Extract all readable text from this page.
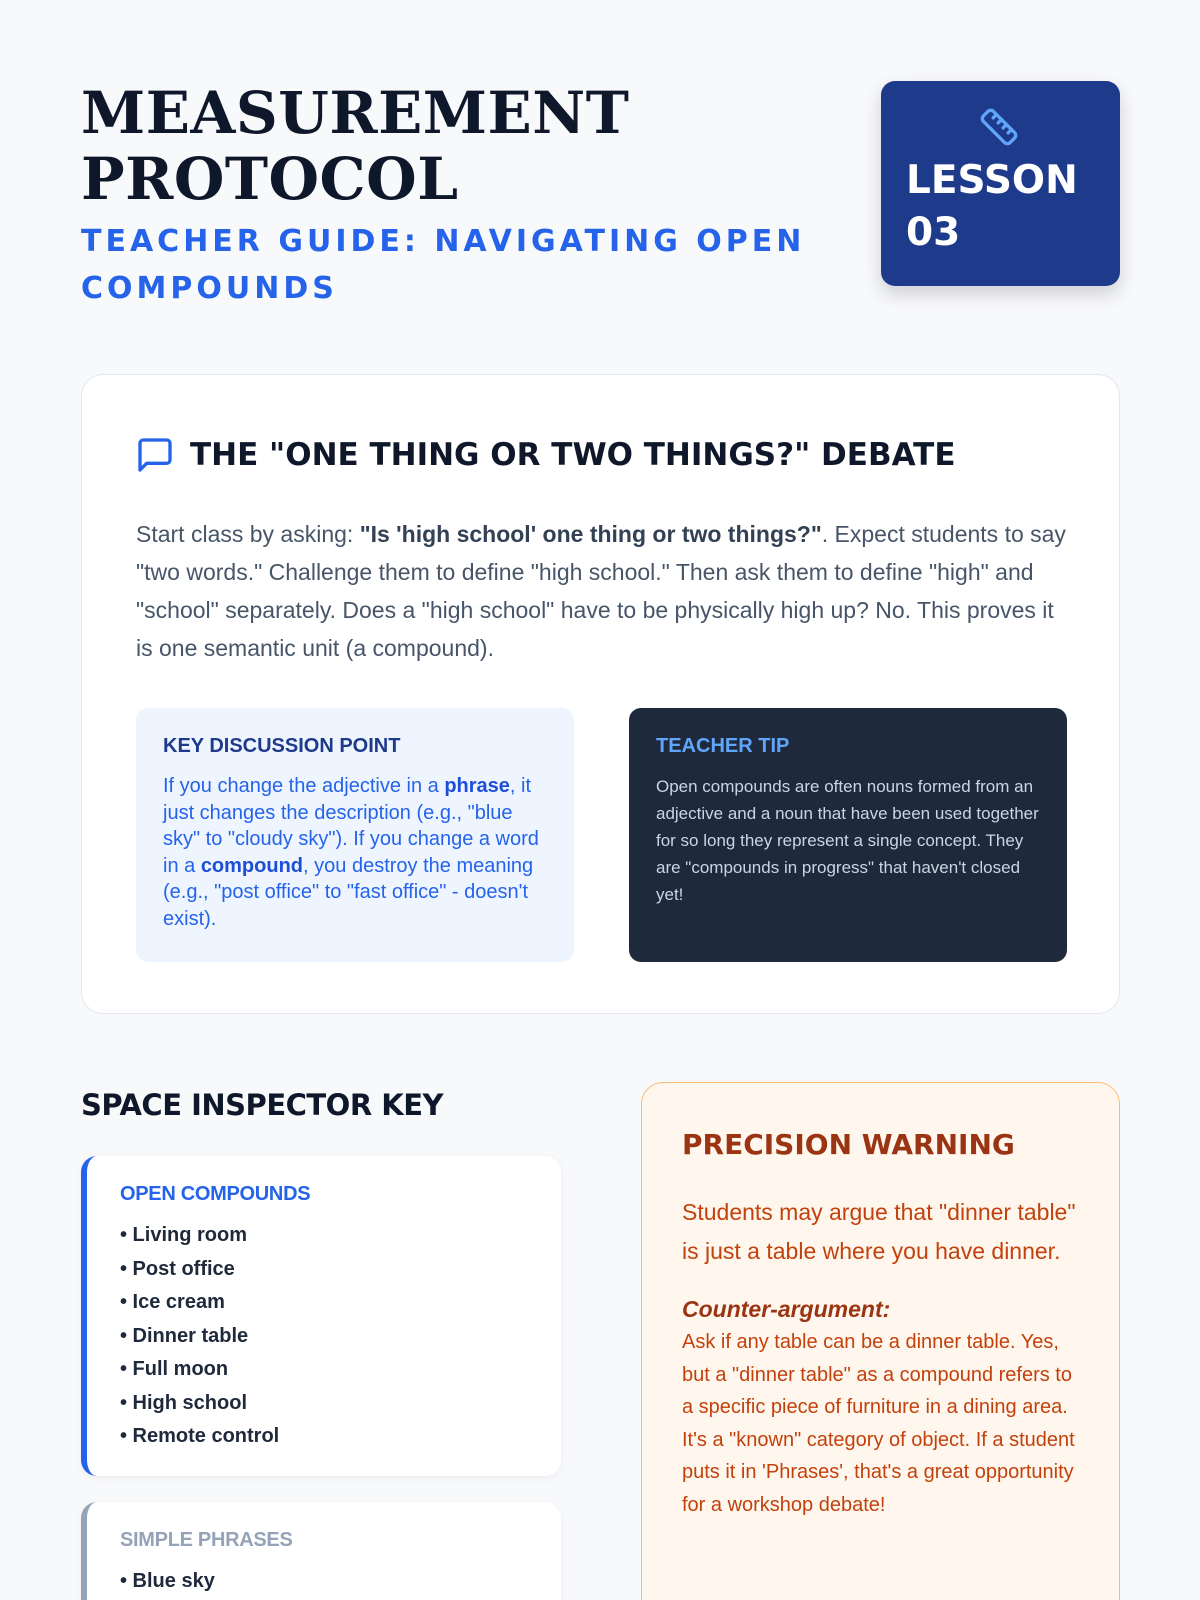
MEASUREMENT PROTOCOL
TEACHER GUIDE: NAVIGATING OPEN COMPOUNDS
LESSON
03
THE "ONE THING OR TWO THINGS?" DEBATE

Start class by asking: "Is 'high school' one thing or two things?". Expect students to say "two words." Challenge them to define "high school." Then ask them to define "high" and "school" separately. Does a "high school" have to be physically high up? No. This proves it is one semantic unit (a compound).

KEY DISCUSSION POINT

If you change the adjective in a phrase, it just changes the description (e.g., "blue sky" to "cloudy sky"). If you change a word in a compound, you destroy the meaning (e.g., "post office" to "fast office" - doesn't exist).

TEACHER TIP

Open compounds are often nouns formed from an adjective and a noun that have been used together for so long they represent a single concept. They are "compounds in progress" that haven't closed yet!

SPACE INSPECTOR KEY
OPEN COMPOUNDS
• Living room
• Post office
• Ice cream
• Dinner table
• Full moon
• High school
• Remote control
SIMPLE PHRASES
• Blue sky
PRECISION WARNING

Students may argue that "dinner table" is just a table where you have dinner.

Counter-argument:

Ask if any table can be a dinner table. Yes, but a "dinner table" as a compound refers to a specific piece of furniture in a dining area. It's a "known" category of object. If a student puts it in 'Phrases', that's a great opportunity for a workshop debate!
